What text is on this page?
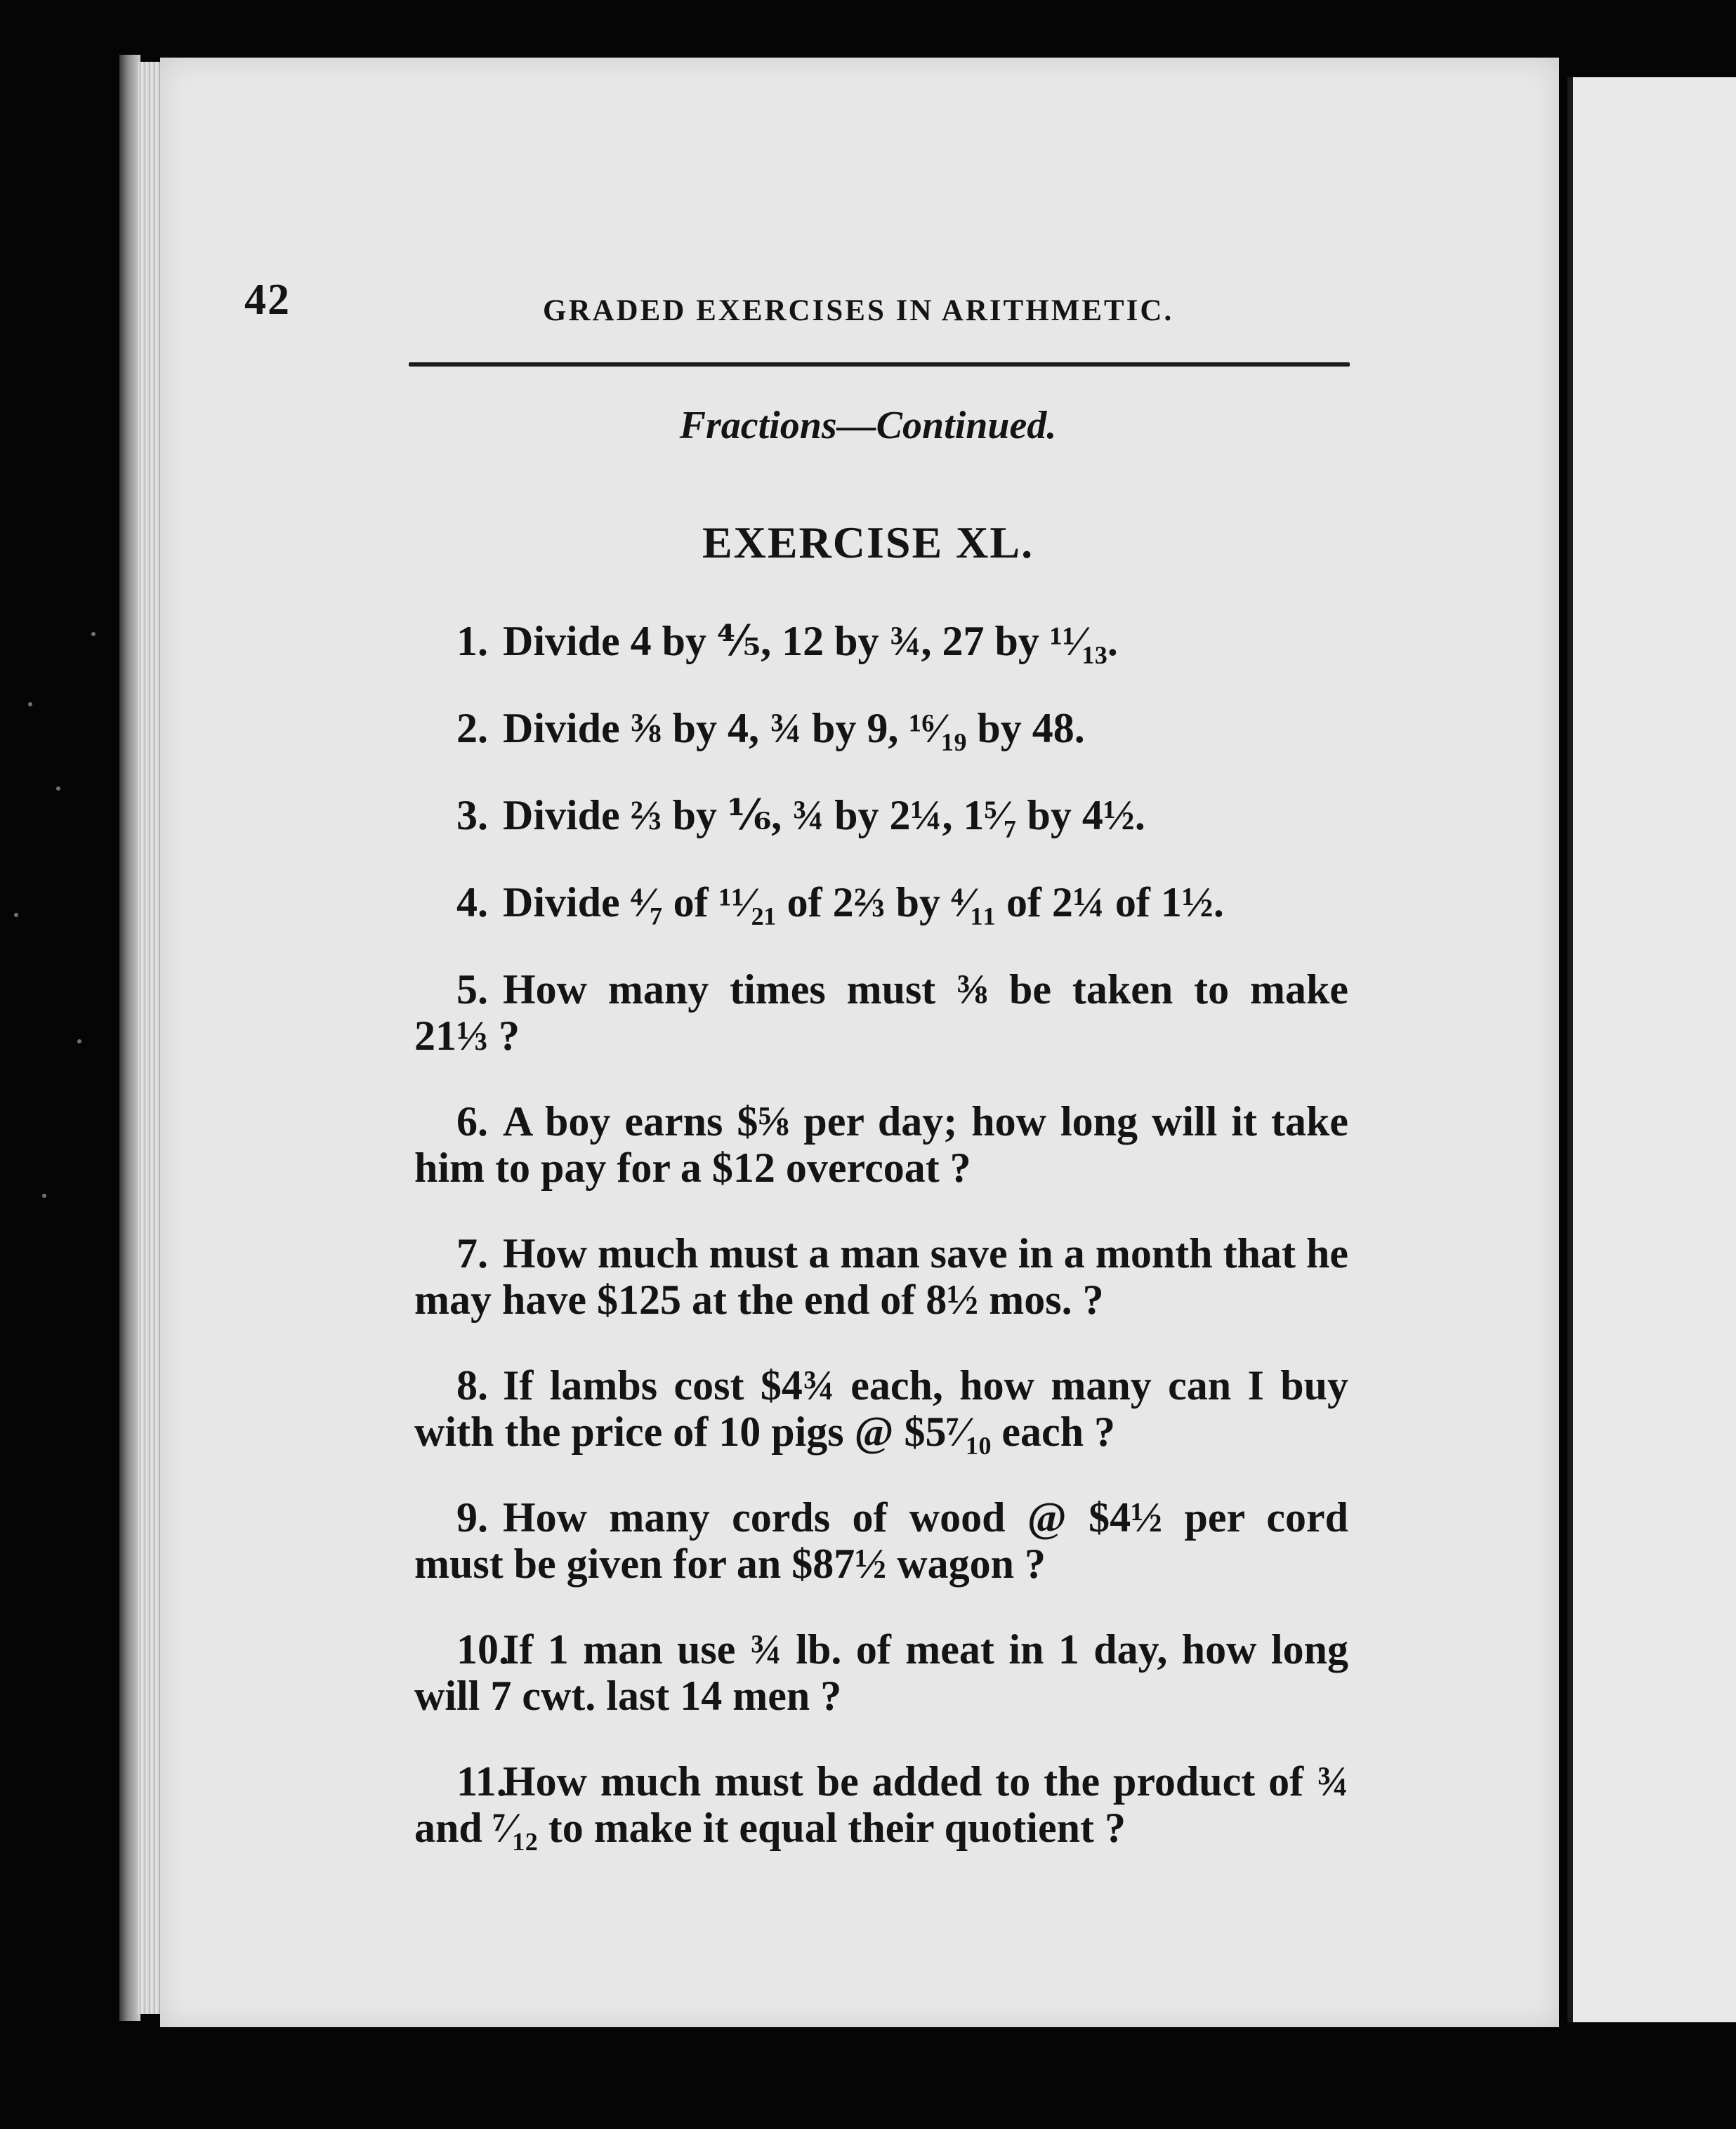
42	GRADED EXERCISES IN ARITHMETIC.
Fractions—Continued.
EXERCISE XL.
1. Divide 4 by ⅘, 12 by ¾, 27 by ¹¹⁄₁₃.
2. Divide ⅜ by 4, ¾ by 9, ¹⁶⁄₁₉ by 48.
3. Divide ⅔ by ⅙, ¾ by 2¼, 1⁵⁄₇ by 4½.
4. Divide ⁴⁄₇ of ¹¹⁄₂₁ of 2⅔ by ⁴⁄₁₁ of 2¼ of 1½.
5. How many times must ⅜ be taken to make 21⅓ ?
6. A boy earns $⅝ per day; how long will it take him to pay for a $12 overcoat ?
7. How much must a man save in a month that he may have $125 at the end of 8½ mos. ?
8. If lambs cost $4¾ each, how many can I buy with the price of 10 pigs @ $5⁷⁄₁₀ each ?
9. How many cords of wood @ $4½ per cord must be given for an $87½ wagon ?
10.If 1 man use ¾ lb. of meat in 1 day, how long will 7 cwt. last 14 men ?
11.How much must be added to the product of ¾ and ⁷⁄₁₂ to make it equal their quotient ?
